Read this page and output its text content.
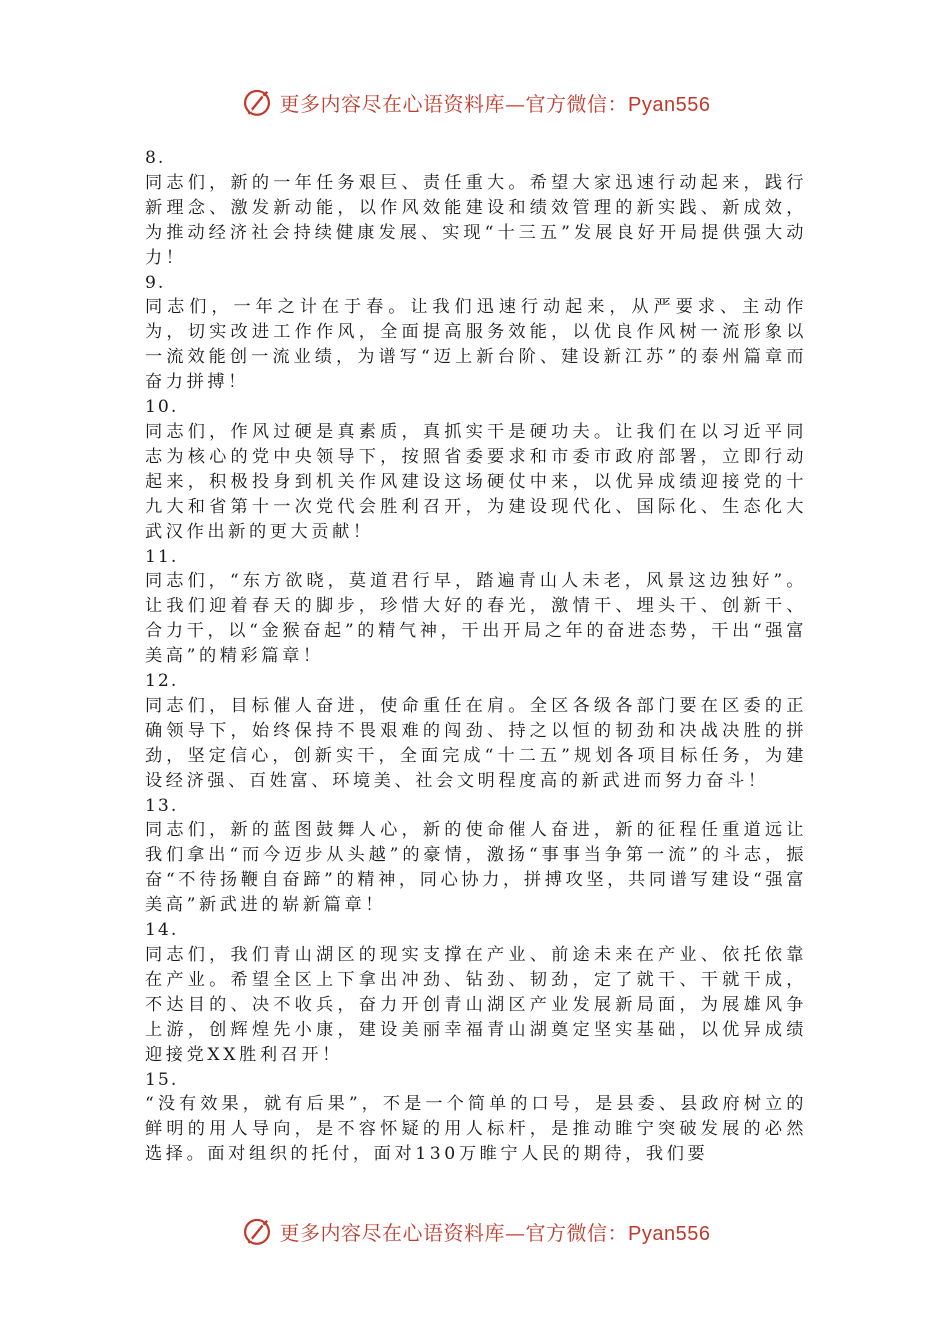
更多内容尽在心语资料库—官方微信：Pyan556
8.
同志们，新的一年任务艰巨、责任重大。希望大家迅速行动起来，践行新理念、激发新动能，以作风效能建设和绩效管理的新实践、新成效，为推动经济社会持续健康发展、实现“十三五”发展良好开局提供强大动力！
9.
同志们，一年之计在于春。让我们迅速行动起来，从严要求、主动作为，切实改进工作作风，全面提高服务效能，以优良作风树一流形象以一流效能创一流业绩，为谱写“迈上新台阶、建设新江苏”的泰州篇章而奋力拼搏！
10.
同志们，作风过硬是真素质，真抓实干是硬功夫。让我们在以习近平同志为核心的党中央领导下，按照省委要求和市委市政府部署，立即行动起来，积极投身到机关作风建设这场硬仗中来，以优异成绩迎接党的十九大和省第十一次党代会胜利召开，为建设现代化、国际化、生态化大武汉作出新的更大贡献！
11.
同志们，“东方欲晓，莫道君行早，踏遍青山人未老，风景这边独好”。让我们迎着春天的脚步，珍惜大好的春光，激情干、埋头干、创新干、合力干，以“金猴奋起”的精气神，干出开局之年的奋进态势，干出“强富美高”的精彩篇章！
12.
同志们，目标催人奋进，使命重任在肩。全区各级各部门要在区委的正确领导下，始终保持不畏艰难的闯劲、持之以恒的韧劲和决战决胜的拼劲，坚定信心，创新实干，全面完成“十二五”规划各项目标任务，为建设经济强、百姓富、环境美、社会文明程度高的新武进而努力奋斗！
13.
同志们，新的蓝图鼓舞人心，新的使命催人奋进，新的征程任重道远让我们拿出“而今迈步从头越”的豪情，激扬“事事当争第一流”的斗志，振奋“不待扬鞭自奋蹄”的精神，同心协力，拼搏攻坚，共同谱写建设“强富美高”新武进的崭新篇章！
14.
同志们，我们青山湖区的现实支撑在产业、前途未来在产业、依托依靠在产业。希望全区上下拿出冲劲、钻劲、韧劲，定了就干、干就干成，不达目的、决不收兵，奋力开创青山湖区产业发展新局面，为展雄风争上游，创辉煌先小康，建设美丽幸福青山湖奠定坚实基础，以优异成绩迎接党XX胜利召开！
15.
“没有效果，就有后果”，不是一个简单的口号，是县委、县政府树立的鲜明的用人导向，是不容怀疑的用人标杆，是推动睢宁突破发展的必然选择。面对组织的托付，面对130万睢宁人民的期待，我们要
更多内容尽在心语资料库—官方微信：Pyan556
